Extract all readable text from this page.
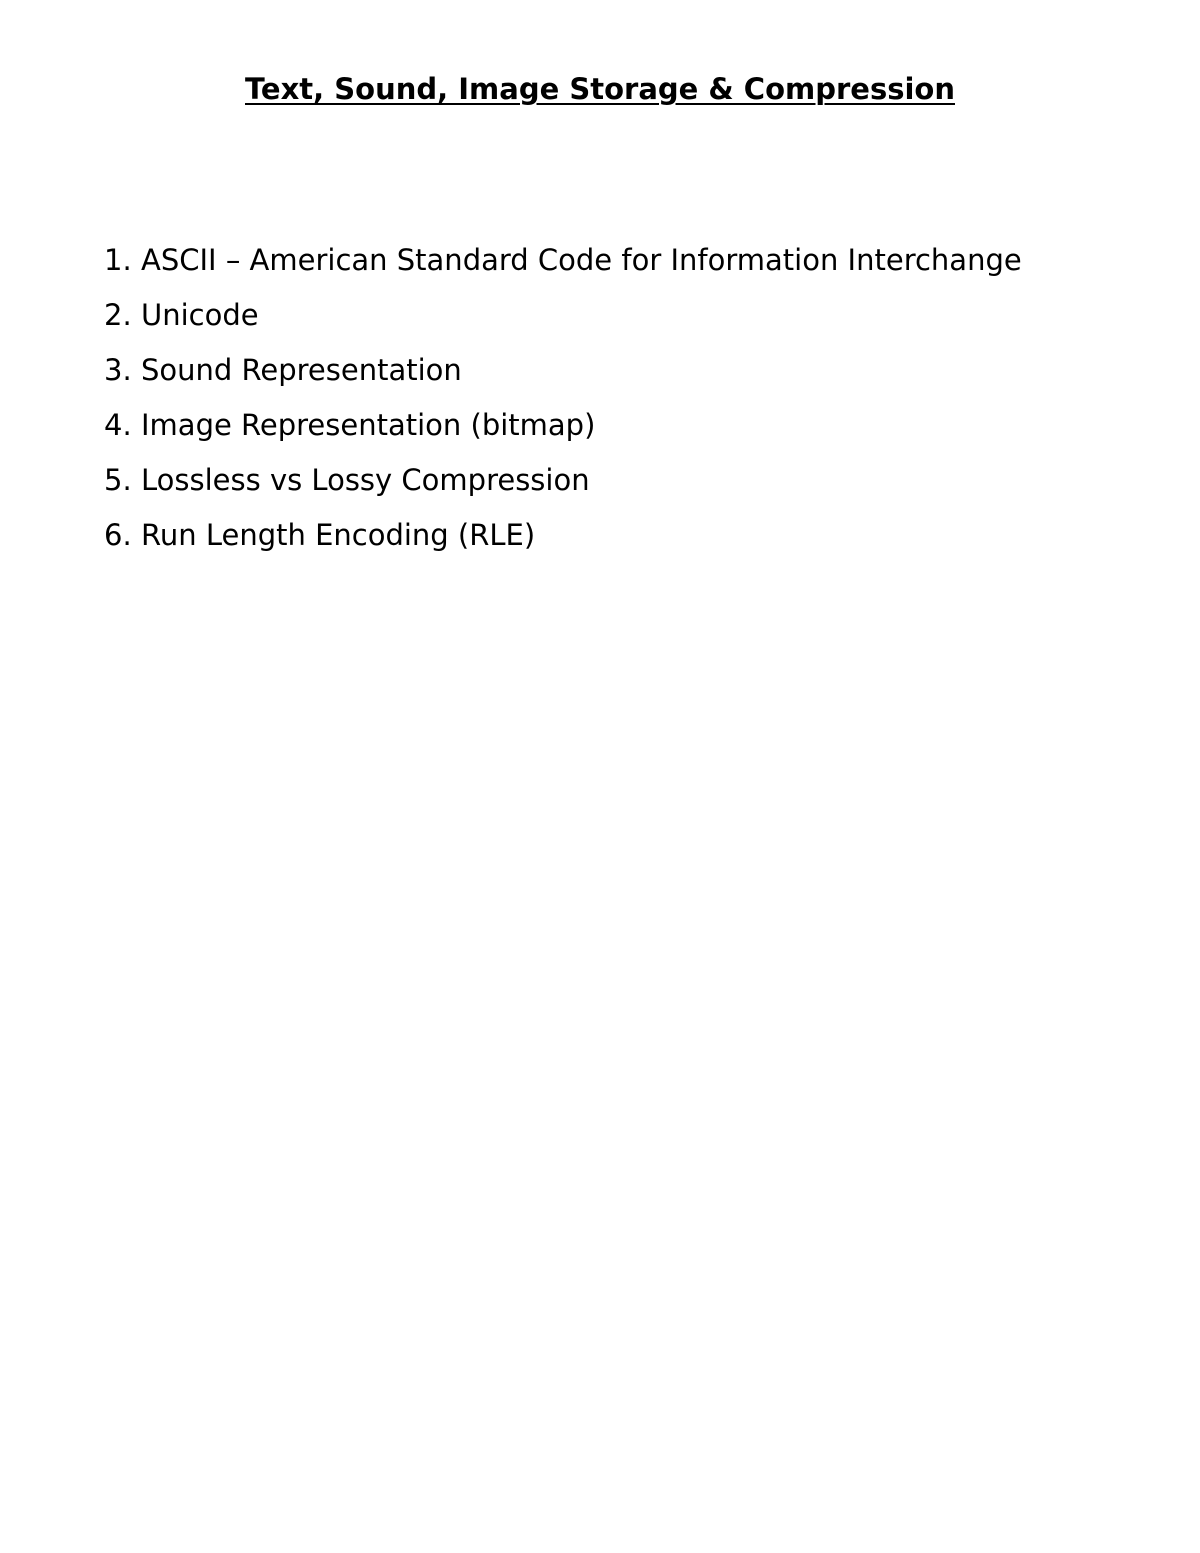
Text, Sound, Image Storage & Compression
1. ASCII – American Standard Code for Information Interchange
2. Unicode
3. Sound Representation
4. Image Representation (bitmap)
5. Lossless vs Lossy Compression
6. Run Length Encoding (RLE)
